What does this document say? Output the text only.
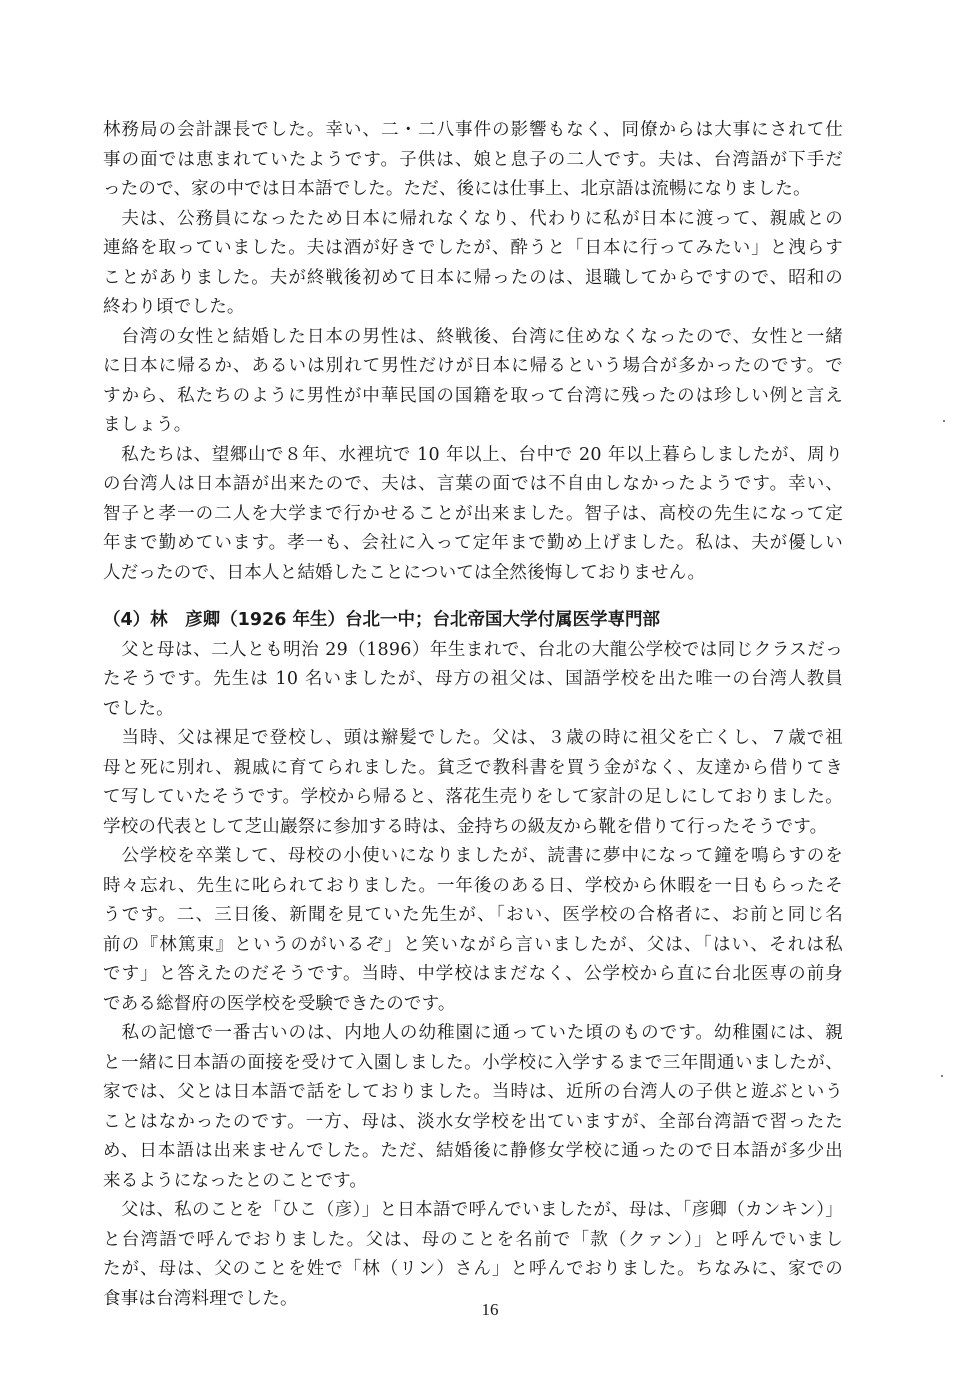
林務局の会計課長でした。幸い、二・二八事件の影響もなく、同僚からは大事にされて仕
事の面では恵まれていたようです。子供は、娘と息子の二人です。夫は、台湾語が下手だ
ったので、家の中では日本語でした。ただ、後には仕事上、北京語は流暢になりました。
　夫は、公務員になったため日本に帰れなくなり、代わりに私が日本に渡って、親戚との
連絡を取っていました。夫は酒が好きでしたが、酔うと「日本に行ってみたい」と洩らす
ことがありました。夫が終戦後初めて日本に帰ったのは、退職してからですので、昭和の
終わり頃でした。
　台湾の女性と結婚した日本の男性は、終戦後、台湾に住めなくなったので、女性と一緒
に日本に帰るか、あるいは別れて男性だけが日本に帰るという場合が多かったのです。で
すから、私たちのように男性が中華民国の国籍を取って台湾に残ったのは珍しい例と言え
ましょう。
　私たちは、望郷山で８年、水裡坑で 10 年以上、台中で 20 年以上暮らしましたが、周り
の台湾人は日本語が出来たので、夫は、言葉の面では不自由しなかったようです。幸い、
智子と孝一の二人を大学まで行かせることが出来ました。智子は、高校の先生になって定
年まで勤めています。孝一も、会社に入って定年まで勤め上げました。私は、夫が優しい
人だったので、日本人と結婚したことについては全然後悔しておりません。
（4）林　彦卿（1926 年生）台北一中；台北帝国大学付属医学専門部
　父と母は、二人とも明治 29（1896）年生まれで、台北の大龍公学校では同じクラスだっ
たそうです。先生は 10 名いましたが、母方の祖父は、国語学校を出た唯一の台湾人教員
でした。
　当時、父は裸足で登校し、頭は辮髪でした。父は、３歳の時に祖父を亡くし、７歳で祖
母と死に別れ、親戚に育てられました。貧乏で教科書を買う金がなく、友達から借りてき
て写していたそうです。学校から帰ると、落花生売りをして家計の足しにしておりました。
学校の代表として芝山巖祭に参加する時は、金持ちの級友から靴を借りて行ったそうです。
　公学校を卒業して、母校の小使いになりましたが、読書に夢中になって鐘を鳴らすのを
時々忘れ、先生に叱られておりました。一年後のある日、学校から休暇を一日もらったそ
うです。二、三日後、新聞を見ていた先生が、「おい、医学校の合格者に、お前と同じ名
前の『林篤東』というのがいるぞ」と笑いながら言いましたが、父は、「はい、それは私
です」と答えたのだそうです。当時、中学校はまだなく、公学校から直に台北医専の前身
である総督府の医学校を受験できたのです。
　私の記憶で一番古いのは、内地人の幼稚園に通っていた頃のものです。幼稚園には、親
と一緒に日本語の面接を受けて入園しました。小学校に入学するまで三年間通いましたが、
家では、父とは日本語で話をしておりました。当時は、近所の台湾人の子供と遊ぶという
ことはなかったのです。一方、母は、淡水女学校を出ていますが、全部台湾語で習ったた
め、日本語は出来ませんでした。ただ、結婚後に静修女学校に通ったので日本語が多少出
来るようになったとのことです。
　父は、私のことを「ひこ（彦）」と日本語で呼んでいましたが、母は、「彦卿（カンキン）」
と台湾語で呼んでおりました。父は、母のことを名前で「款（クァン）」と呼んでいまし
たが、母は、父のことを姓で「林（リン）さん」と呼んでおりました。ちなみに、家での
食事は台湾料理でした。
16
